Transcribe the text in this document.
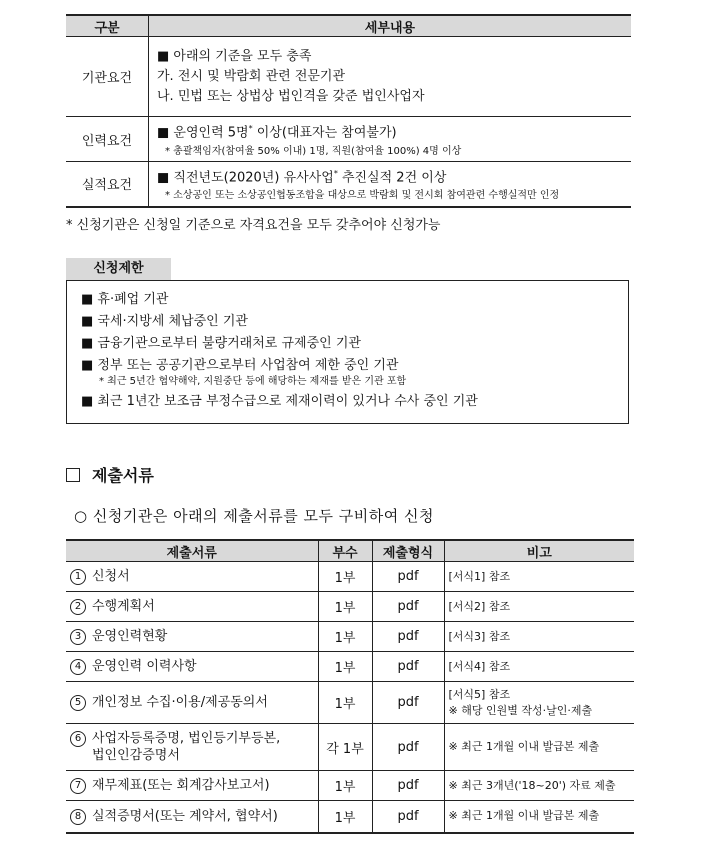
구분	세부내용
기관요건	■ 아래의 기준을 모두 충족
가. 전시 및 박람회 관련 전문기관
나. 민법 또는 상법상 법인격을 갖준 법인사업자

인력요건	■ 운영인력 5명* 이상(대표자는 참여불가)
* 총괄책임자(참여율 50% 이내) 1명, 직원(참여율 100%) 4명 이상

실적요건	■ 직전년도(2020년) 유사사업* 추진실적 2건 이상
* 소상공인 또는 소상공인협동조합을 대상으로 박람회 및 전시회 참여관련 수행실적만 인정
* 신청기관은 신청일 기준으로 자격요건을 모두 갖추어야 신청가능
신청제한
■ 휴·폐업 기관
■ 국세·지방세 체납중인 기관
■ 금융기관으로부터 불량거래처로 규제중인 기관
■ 정부 또는 공공기관으로부터 사업참여 제한 중인 기관
* 최근 5년간 협약해약, 지원중단 등에 해당하는 제재를 받은 기관 포함
■ 최근 1년간 보조금 부정수급으로 제재이력이 있거나 수사 중인 기관
제출서류
○ 신청기관은 아래의 제출서류를 모두 구비하여 신청
제출서류	부수	제출형식	비고

1 신청서	1부	pdf	[서식1] 참조

2 수행계획서	1부	pdf	[서식2] 참조

3 운영인력현황	1부	pdf	[서식3] 참조

4 운영인력 이력사항	1부	pdf	[서식4] 참조

5 개인정보 수집·이용/제공동의서	1부	pdf	[서식5] 참조
※ 해당 인원별 작성·날인·제출

6 사업자등록증명, 법인등기부등본,
법인인감증명서	각 1부	pdf	※ 최근 1개월 이내 발급본 제출

7 재무제표(또는 회계감사보고서)	1부	pdf	※ 최근 3개년('18~20') 자료 제출

8 실적증명서(또는 계약서, 협약서)	1부	pdf	※ 최근 1개월 이내 발급본 제출
